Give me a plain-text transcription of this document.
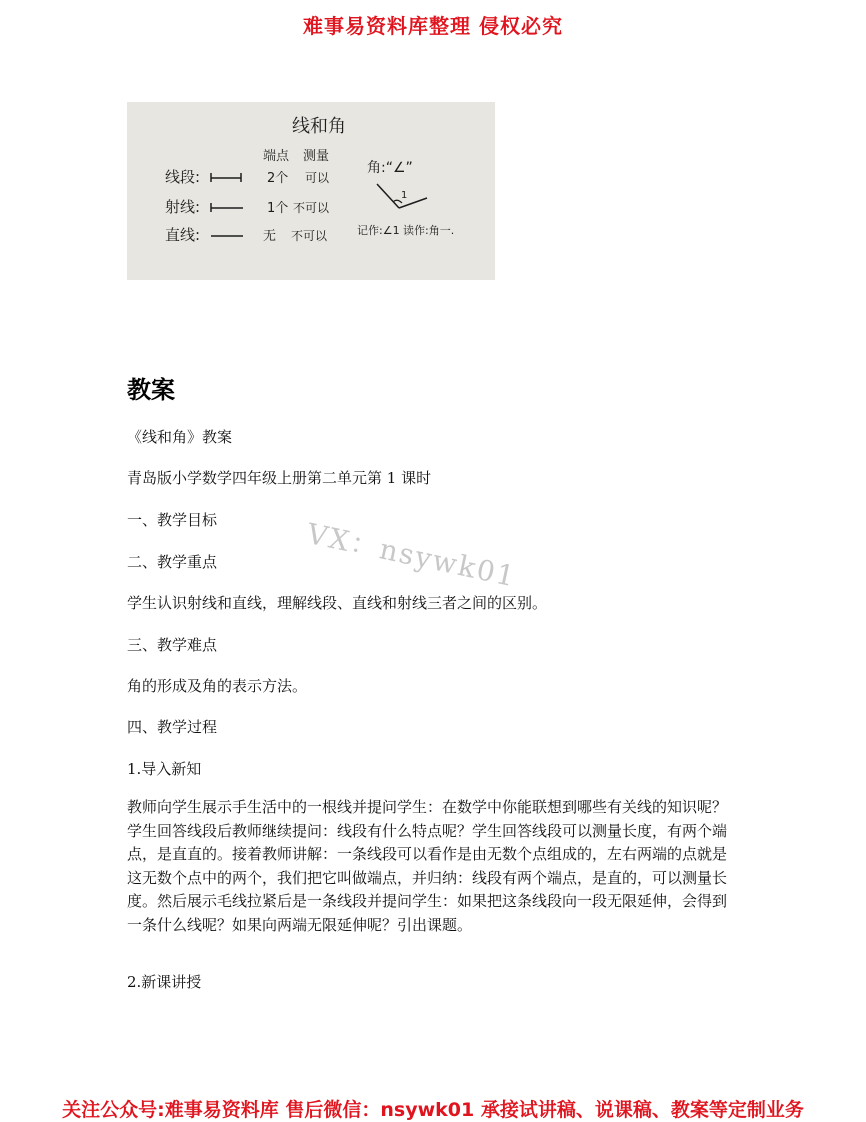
难事易资料库整理 侵权必究
线和角
端点 测量
线段:	2个 可以
射线:	1个 不可以
直线:	无 不可以
角:“∠”
1
记作:∠1 读作:角一.
教案
《线和角》教案
青岛版小学数学四年级上册第二单元第 1 课时
一、教学目标
二、教学重点
学生认识射线和直线，理解线段、直线和射线三者之间的区别。
三、教学难点
角的形成及角的表示方法。
四、教学过程
1.导入新知
教师向学生展示手生活中的一根线并提问学生：在数学中你能联想到哪些有关线的知识呢？学生回答线段后教师继续提问：线段有什么特点呢？学生回答线段可以测量长度，有两个端点，是直直的。接着教师讲解：一条线段可以看作是由无数个点组成的，左右两端的点就是这无数个点中的两个，我们把它叫做端点，并归纳：线段有两个端点，是直的，可以测量长度。然后展示毛线拉紧后是一条线段并提问学生：如果把这条线段向一段无限延伸，会得到一条什么线呢？如果向两端无限延伸呢？引出课题。
2.新课讲授
VX：nsywk01
关注公众号:难事易资料库 售后微信：nsywk01 承接试讲稿、说课稿、教案等定制业务
